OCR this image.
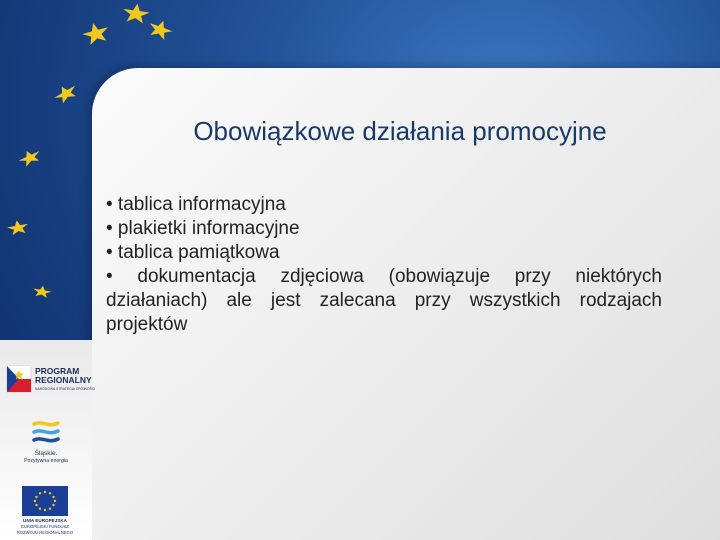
Obowiązkowe działania promocyjne

• tablica informacyjna

• plakietki informacyjne

• tablica pamiątkowa

• dokumentacja zdjęciowa (obowiązuje przy niektórych działaniach) ale jest zalecana przy wszystkich rodzajach projektów

PROGRAM
REGIONALNY
NARODOWA STRATEGIA SPÓJNOŚCI
Śląskie.
Pozytywna energia
UNIA EUROPEJSKA
EUROPEJSKI FUNDUSZ
ROZWOJU REGIONALNEGO
